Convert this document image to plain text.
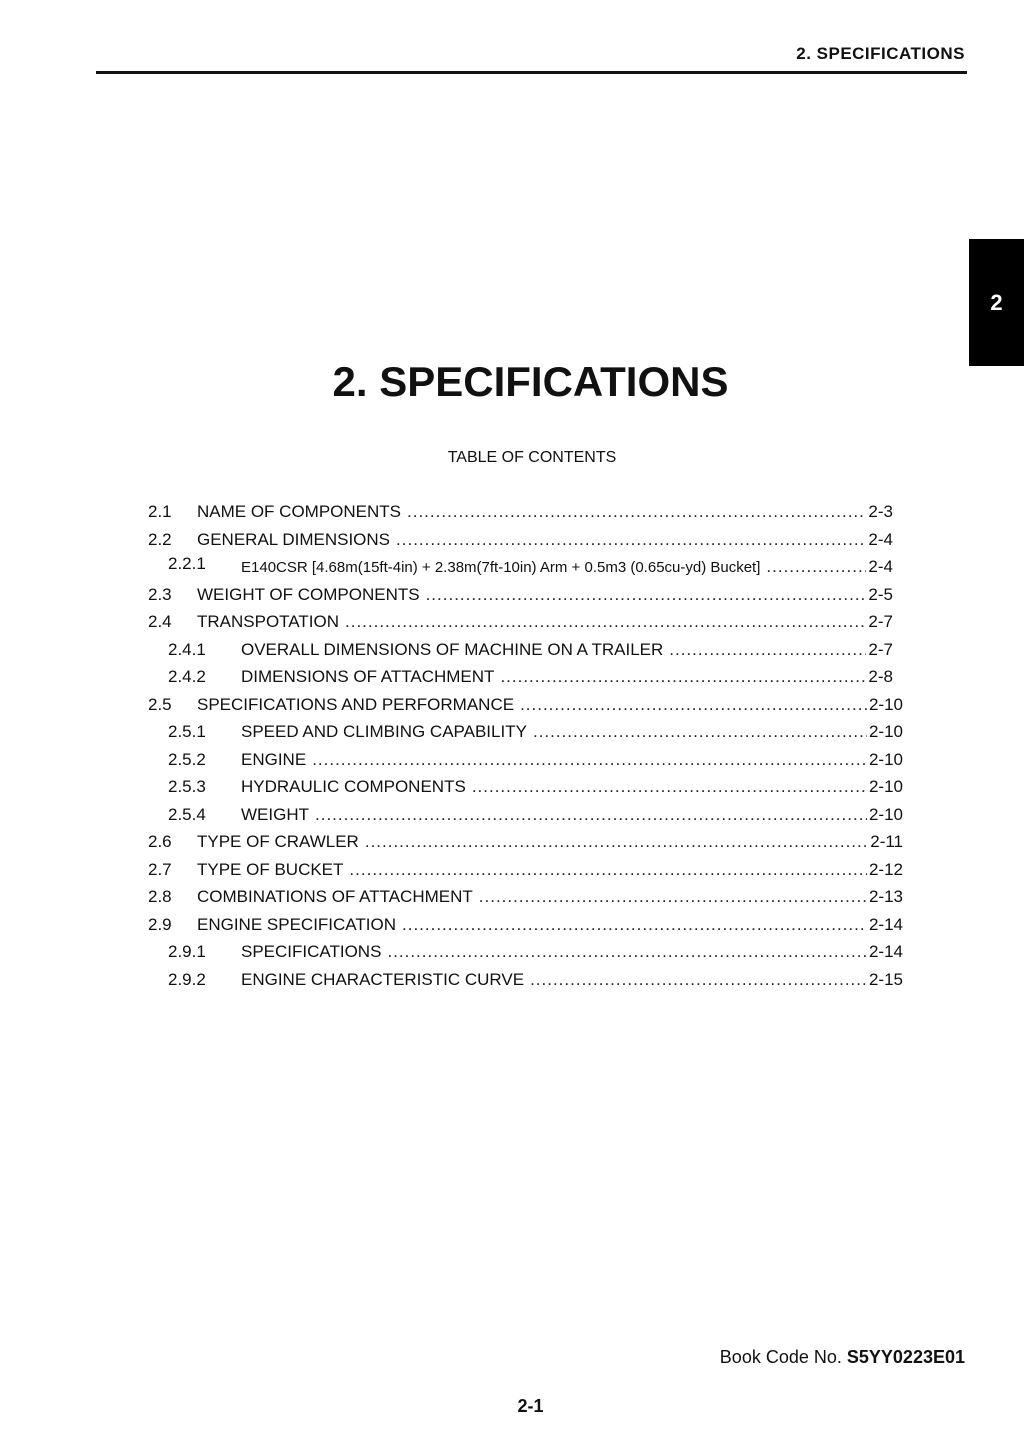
2. SPECIFICATIONS
2
2. SPECIFICATIONS
TABLE OF CONTENTS
2.1 NAME OF COMPONENTS .....	2-3
2.2 GENERAL DIMENSIONS .....	2-4
2.2.1 E140CSR [4.68m(15ft-4in) + 2.38m(7ft-10in) Arm + 0.5m3 (0.65cu-yd) Bucket] .....	2-4
2.3 WEIGHT OF COMPONENTS .....	2-5
2.4 TRANSPOTATION .....	2-7
2.4.1 OVERALL DIMENSIONS OF MACHINE ON A TRAILER .....	2-7
2.4.2 DIMENSIONS OF ATTACHMENT .....	2-8
2.5 SPECIFICATIONS AND PERFORMANCE .....	2-10
2.5.1 SPEED AND CLIMBING CAPABILITY .....	2-10
2.5.2 ENGINE .....	2-10
2.5.3 HYDRAULIC COMPONENTS .....	2-10
2.5.4 WEIGHT .....	2-10
2.6 TYPE OF CRAWLER .....	2-11
2.7 TYPE OF BUCKET .....	2-12
2.8 COMBINATIONS OF ATTACHMENT .....	2-13
2.9 ENGINE SPECIFICATION .....	2-14
2.9.1 SPECIFICATIONS .....	2-14
2.9.2 ENGINE CHARACTERISTIC CURVE .....	2-15
Book Code No. S5YY0223E01
2-1
